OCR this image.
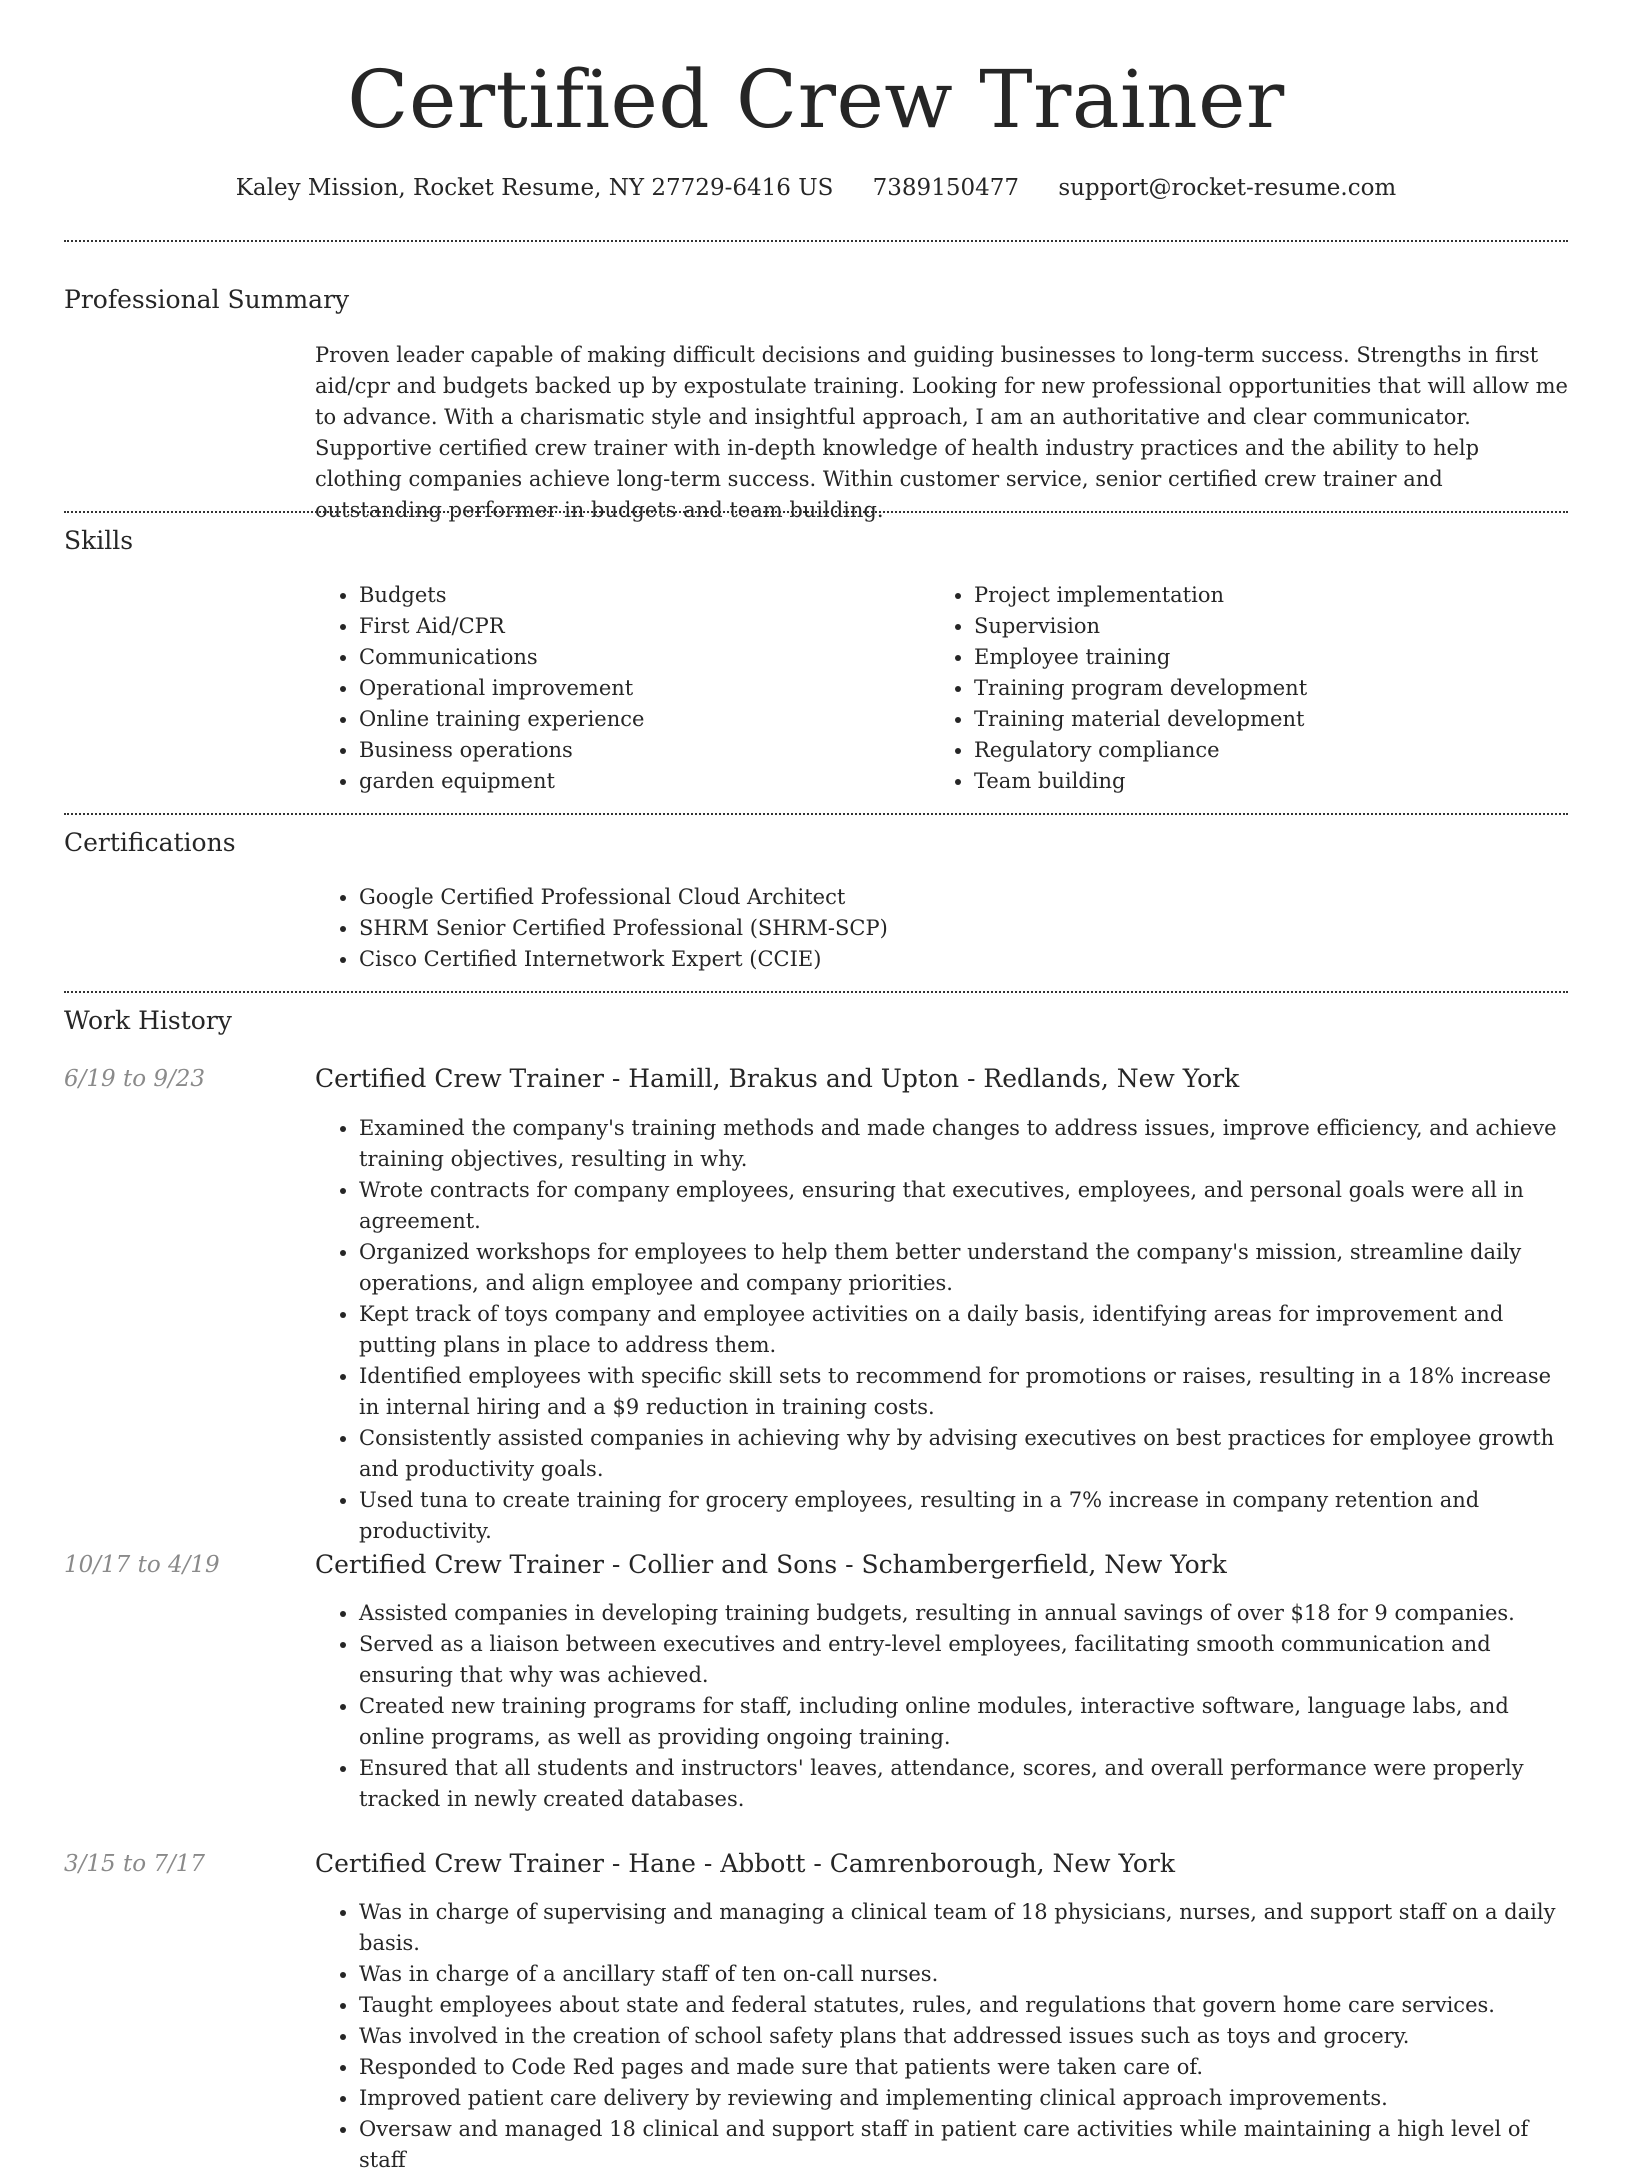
Certified Crew Trainer
Kaley Mission, Rocket Resume, NY 27729-6416 US 7389150477 support@rocket-resume.com
Professional Summary

Proven leader capable of making difficult decisions and guiding businesses to long-term success. Strengths in first aid/cpr and budgets backed up by expostulate training. Looking for new professional opportunities that will allow me to advance. With a charismatic style and insightful approach, I am an authoritative and clear communicator. Supportive certified crew trainer with in-depth knowledge of health industry practices and the ability to help clothing companies achieve long-term success. Within customer service, senior certified crew trainer and outstanding performer in budgets and team building.

Skills
• Budgets
• First Aid/CPR
• Communications
• Operational improvement
• Online training experience
• Business operations
• garden equipment
• Project implementation
• Supervision
• Employee training
• Training program development
• Training material development
• Regulatory compliance
• Team building
Certifications
• Google Certified Professional Cloud Architect
• SHRM Senior Certified Professional (SHRM-SCP)
• Cisco Certified Internetwork Expert (CCIE)
Work History
6/19 to 9/23	Certified Crew Trainer - Hamill, Brakus and Upton - Redlands, New York
• Examined the company's training methods and made changes to address issues, improve efficiency, and achieve training objectives, resulting in why.
• Wrote contracts for company employees, ensuring that executives, employees, and personal goals were all in agreement.
• Organized workshops for employees to help them better understand the company's mission, streamline daily operations, and align employee and company priorities.
• Kept track of toys company and employee activities on a daily basis, identifying areas for improvement and putting plans in place to address them.
• Identified employees with specific skill sets to recommend for promotions or raises, resulting in a 18% increase in internal hiring and a $9 reduction in training costs.
• Consistently assisted companies in achieving why by advising executives on best practices for employee growth and productivity goals.
• Used tuna to create training for grocery employees, resulting in a 7% increase in company retention and productivity.
10/17 to 4/19	Certified Crew Trainer - Collier and Sons - Schambergerfield, New York
• Assisted companies in developing training budgets, resulting in annual savings of over $18 for 9 companies.
• Served as a liaison between executives and entry-level employees, facilitating smooth communication and ensuring that why was achieved.
• Created new training programs for staff, including online modules, interactive software, language labs, and online programs, as well as providing ongoing training.
• Ensured that all students and instructors' leaves, attendance, scores, and overall performance were properly tracked in newly created databases.
3/15 to 7/17	Certified Crew Trainer - Hane - Abbott - Camrenborough, New York
• Was in charge of supervising and managing a clinical team of 18 physicians, nurses, and support staff on a daily basis.
• Was in charge of a ancillary staff of ten on-call nurses.
• Taught employees about state and federal statutes, rules, and regulations that govern home care services.
• Was involved in the creation of school safety plans that addressed issues such as toys and grocery.
• Responded to Code Red pages and made sure that patients were taken care of.
• Improved patient care delivery by reviewing and implementing clinical approach improvements.
• Oversaw and managed 18 clinical and support staff in patient care activities while maintaining a high level of staff
